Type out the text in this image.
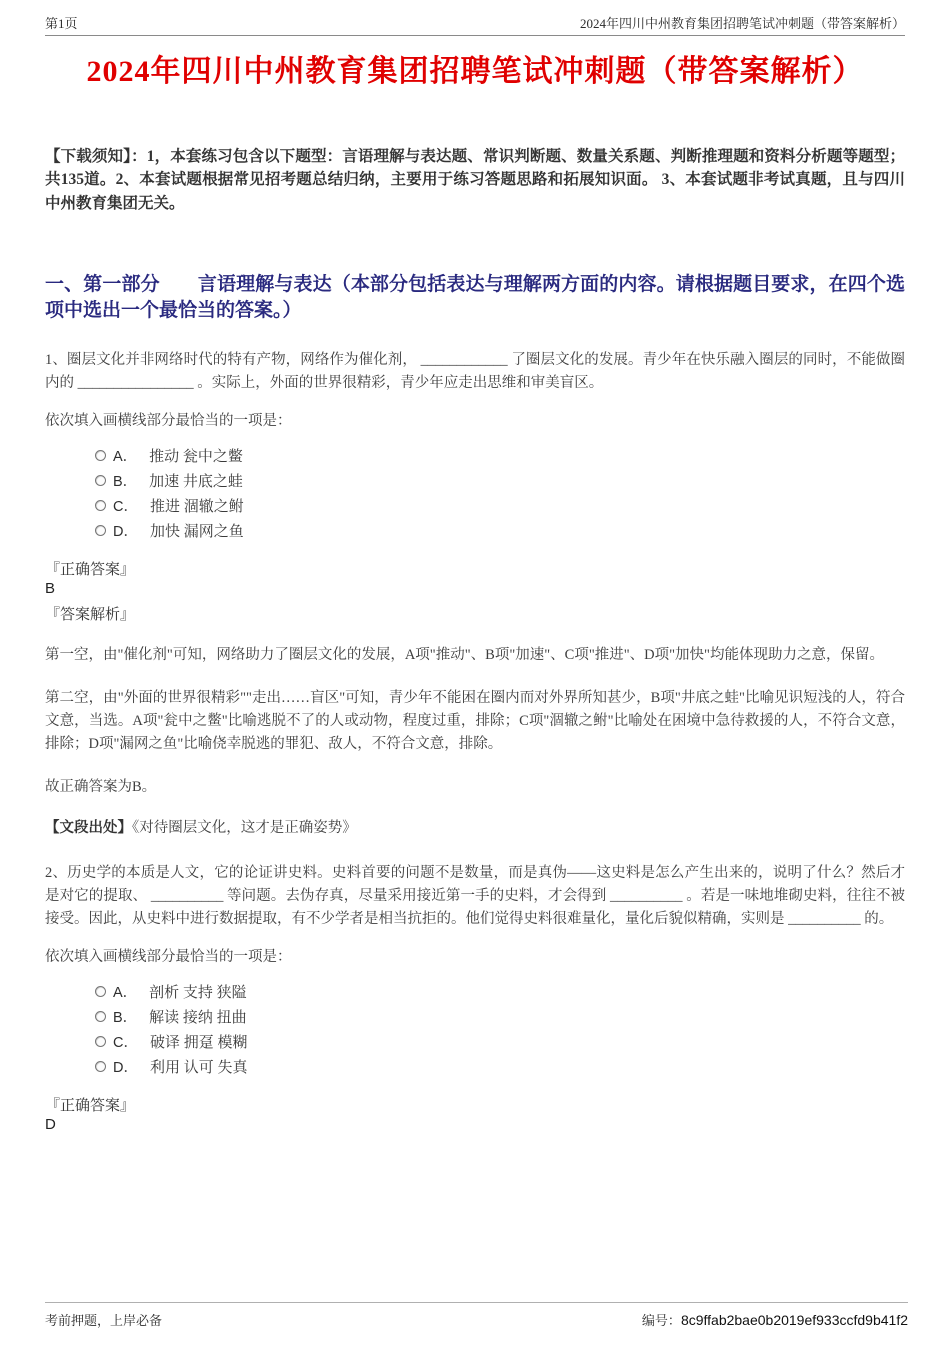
第1页	2024年四川中州教育集团招聘笔试冲刺题（带答案解析）
2024年四川中州教育集团招聘笔试冲刺题（带答案解析）

【下载须知】：1，本套练习包含以下题型：言语理解与表达题、常识判断题、数量关系题、判断推理题和资料分析题等题型；共135道。2、本套试题根据常见招考题总结归纳，主要用于练习答题思路和拓展知识面。 3、本套试题非考试真题，且与四川中州教育集团无关。

一、第一部分　　言语理解与表达（本部分包括表达与理解两方面的内容。请根据题目要求，在四个选项中选出一个最恰当的答案。）

1、圈层文化并非网络时代的特有产物，网络作为催化剂， ____________ 了圈层文化的发展。青少年在快乐融入圈层的同时，不能做圈内的 ________________ 。实际上，外面的世界很精彩，青少年应走出思维和审美盲区。

依次填入画横线部分最恰当的一项是：

A． 推动 瓮中之鳖
B． 加速 井底之蛙
C． 推进 涸辙之鲋
D． 加快 漏网之鱼

『正确答案』

B

『答案解析』

第一空，由"催化剂"可知，网络助力了圈层文化的发展，A项"推动"、B项"加速"、C项"推进"、D项"加快"均能体现助力之意，保留。

第二空，由"外面的世界很精彩""走出……盲区"可知，青少年不能困在圈内而对外界所知甚少，B项"井底之蛙"比喻见识短浅的人，符合文意，当选。A项"瓮中之鳖"比喻逃脱不了的人或动物，程度过重，排除；C项"涸辙之鲋"比喻处在困境中急待救援的人，不符合文意，排除；D项"漏网之鱼"比喻侥幸脱逃的罪犯、敌人，不符合文意，排除。

故正确答案为B。

【文段出处】《对待圈层文化，这才是正确姿势》

2、历史学的本质是人文，它的论证讲史料。史料首要的问题不是数量，而是真伪——这史料是怎么产生出来的，说明了什么？然后才是对它的提取、 __________ 等问题。去伪存真，尽量采用接近第一手的史料，才会得到 __________ 。若是一味地堆砌史料，往往不被接受。因此，从史料中进行数据提取，有不少学者是相当抗拒的。他们觉得史料很难量化，量化后貌似精确，实则是 __________ 的。

依次填入画横线部分最恰当的一项是：

A． 剖析 支持 狭隘
B． 解读 接纳 扭曲
C． 破译 拥趸 模糊
D． 利用 认可 失真

『正确答案』

D

考前押题，上岸必备	编号：8c9ffab2bae0b2019ef933ccfd9b41f2
